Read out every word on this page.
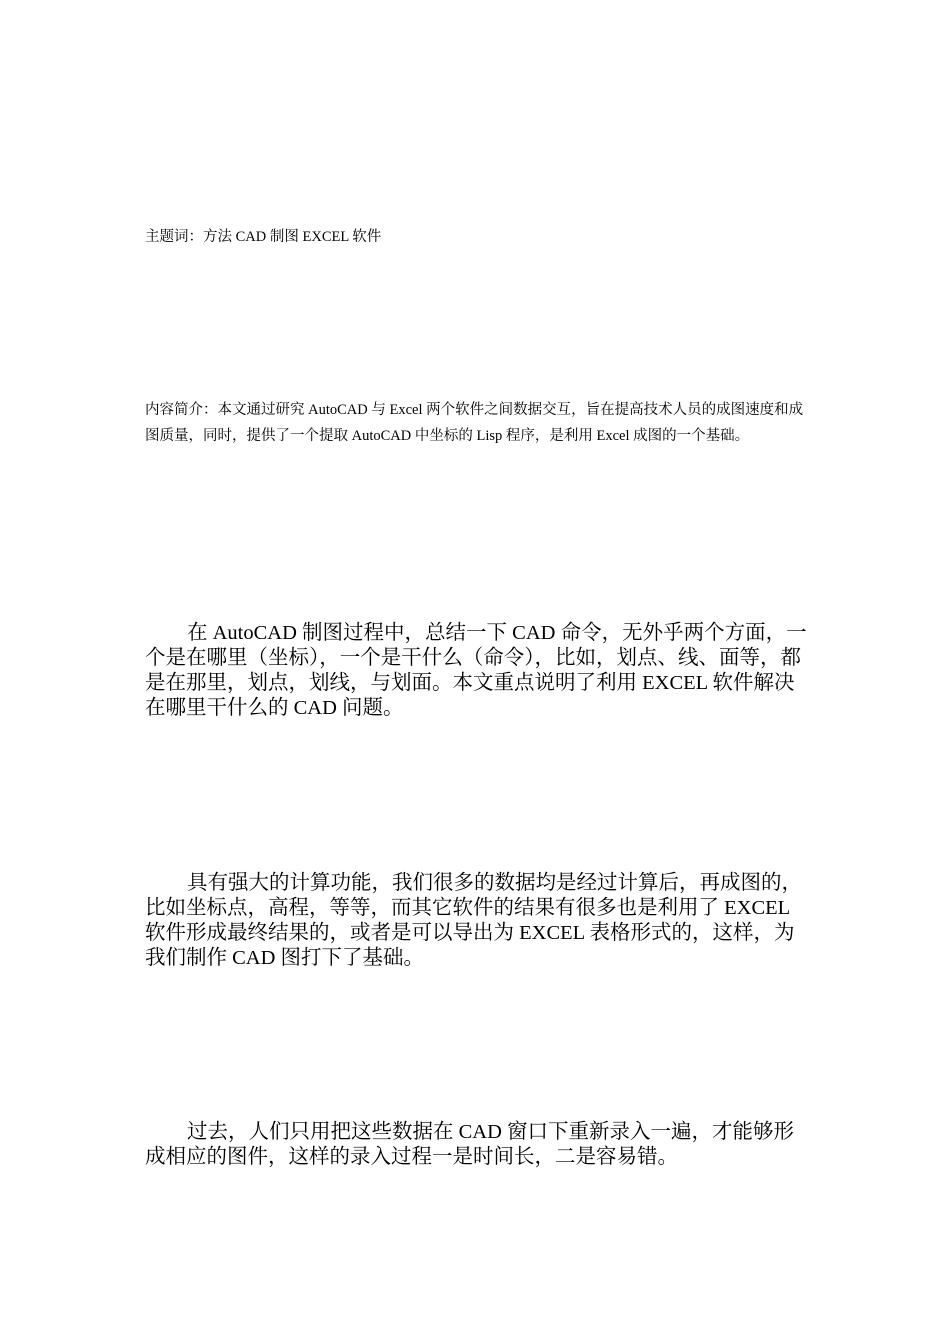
主题词：方法 CAD 制图 EXCEL 软件

内容简介：本文通过研究 AutoCAD 与 Excel 两个软件之间数据交互，旨在提高技术人员的成图速度和成图质量，同时，提供了一个提取 AutoCAD 中坐标的 Lisp 程序，是利用 Excel 成图的一个基础。

在 AutoCAD 制图过程中，总结一下 CAD 命令，无外乎两个方面，一个是在哪里（坐标），一个是干什么（命令），比如，划点、线、面等，都是在那里，划点，划线，与划面。本文重点说明了利用 EXCEL 软件解决在哪里干什么的 CAD 问题。

具有强大的计算功能，我们很多的数据均是经过计算后，再成图的，比如坐标点，高程，等等，而其它软件的结果有很多也是利用了 EXCEL 软件形成最终结果的，或者是可以导出为 EXCEL 表格形式的，这样，为我们制作 CAD 图打下了基础。

过去，人们只用把这些数据在 CAD 窗口下重新录入一遍，才能够形成相应的图件，这样的录入过程一是时间长，二是容易错。
